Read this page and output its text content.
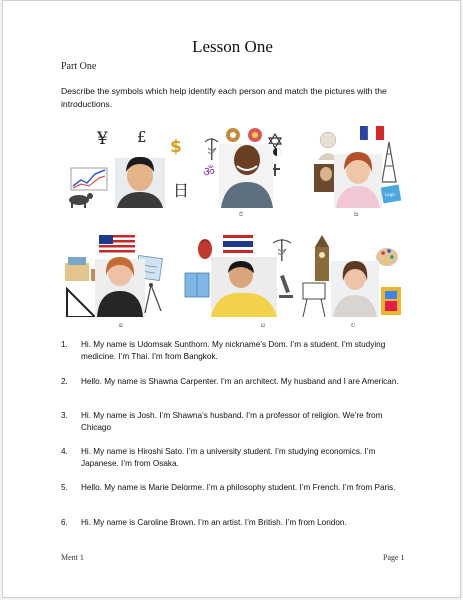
Lesson One
Part One
Describe the symbols which help identify each person and match the pictures with the introductions.
¥ £ $
日
ॐ
ರ
Logic
ಜ
ಐ	ಟ	ಲ
1. Hi. My name is Udomsak Sunthorn. My nickname’s Dom. I’m a student. I’m studying medicine. I’m Thai. I’m from Bangkok.
2. Hello. My name is Shawna Carpenter. I’m an architect. My husband and I are American.
3. Hi. My name is Josh. I’m Shawna’s husband. I’m a professor of religion. We’re from Chicago
4. Hi. My name is Hiroshi Sato. I’m a university student. I’m studying economics. I’m Japanese. I’m from Osaka.
5. Hello. My name is Marie Delorme. I’m a philosophy student. I’m French. I’m from Paris.
6. Hi. My name is Caroline Brown. I’m an artist. I’m British. I’m from London.
Ment 1	Page 1
